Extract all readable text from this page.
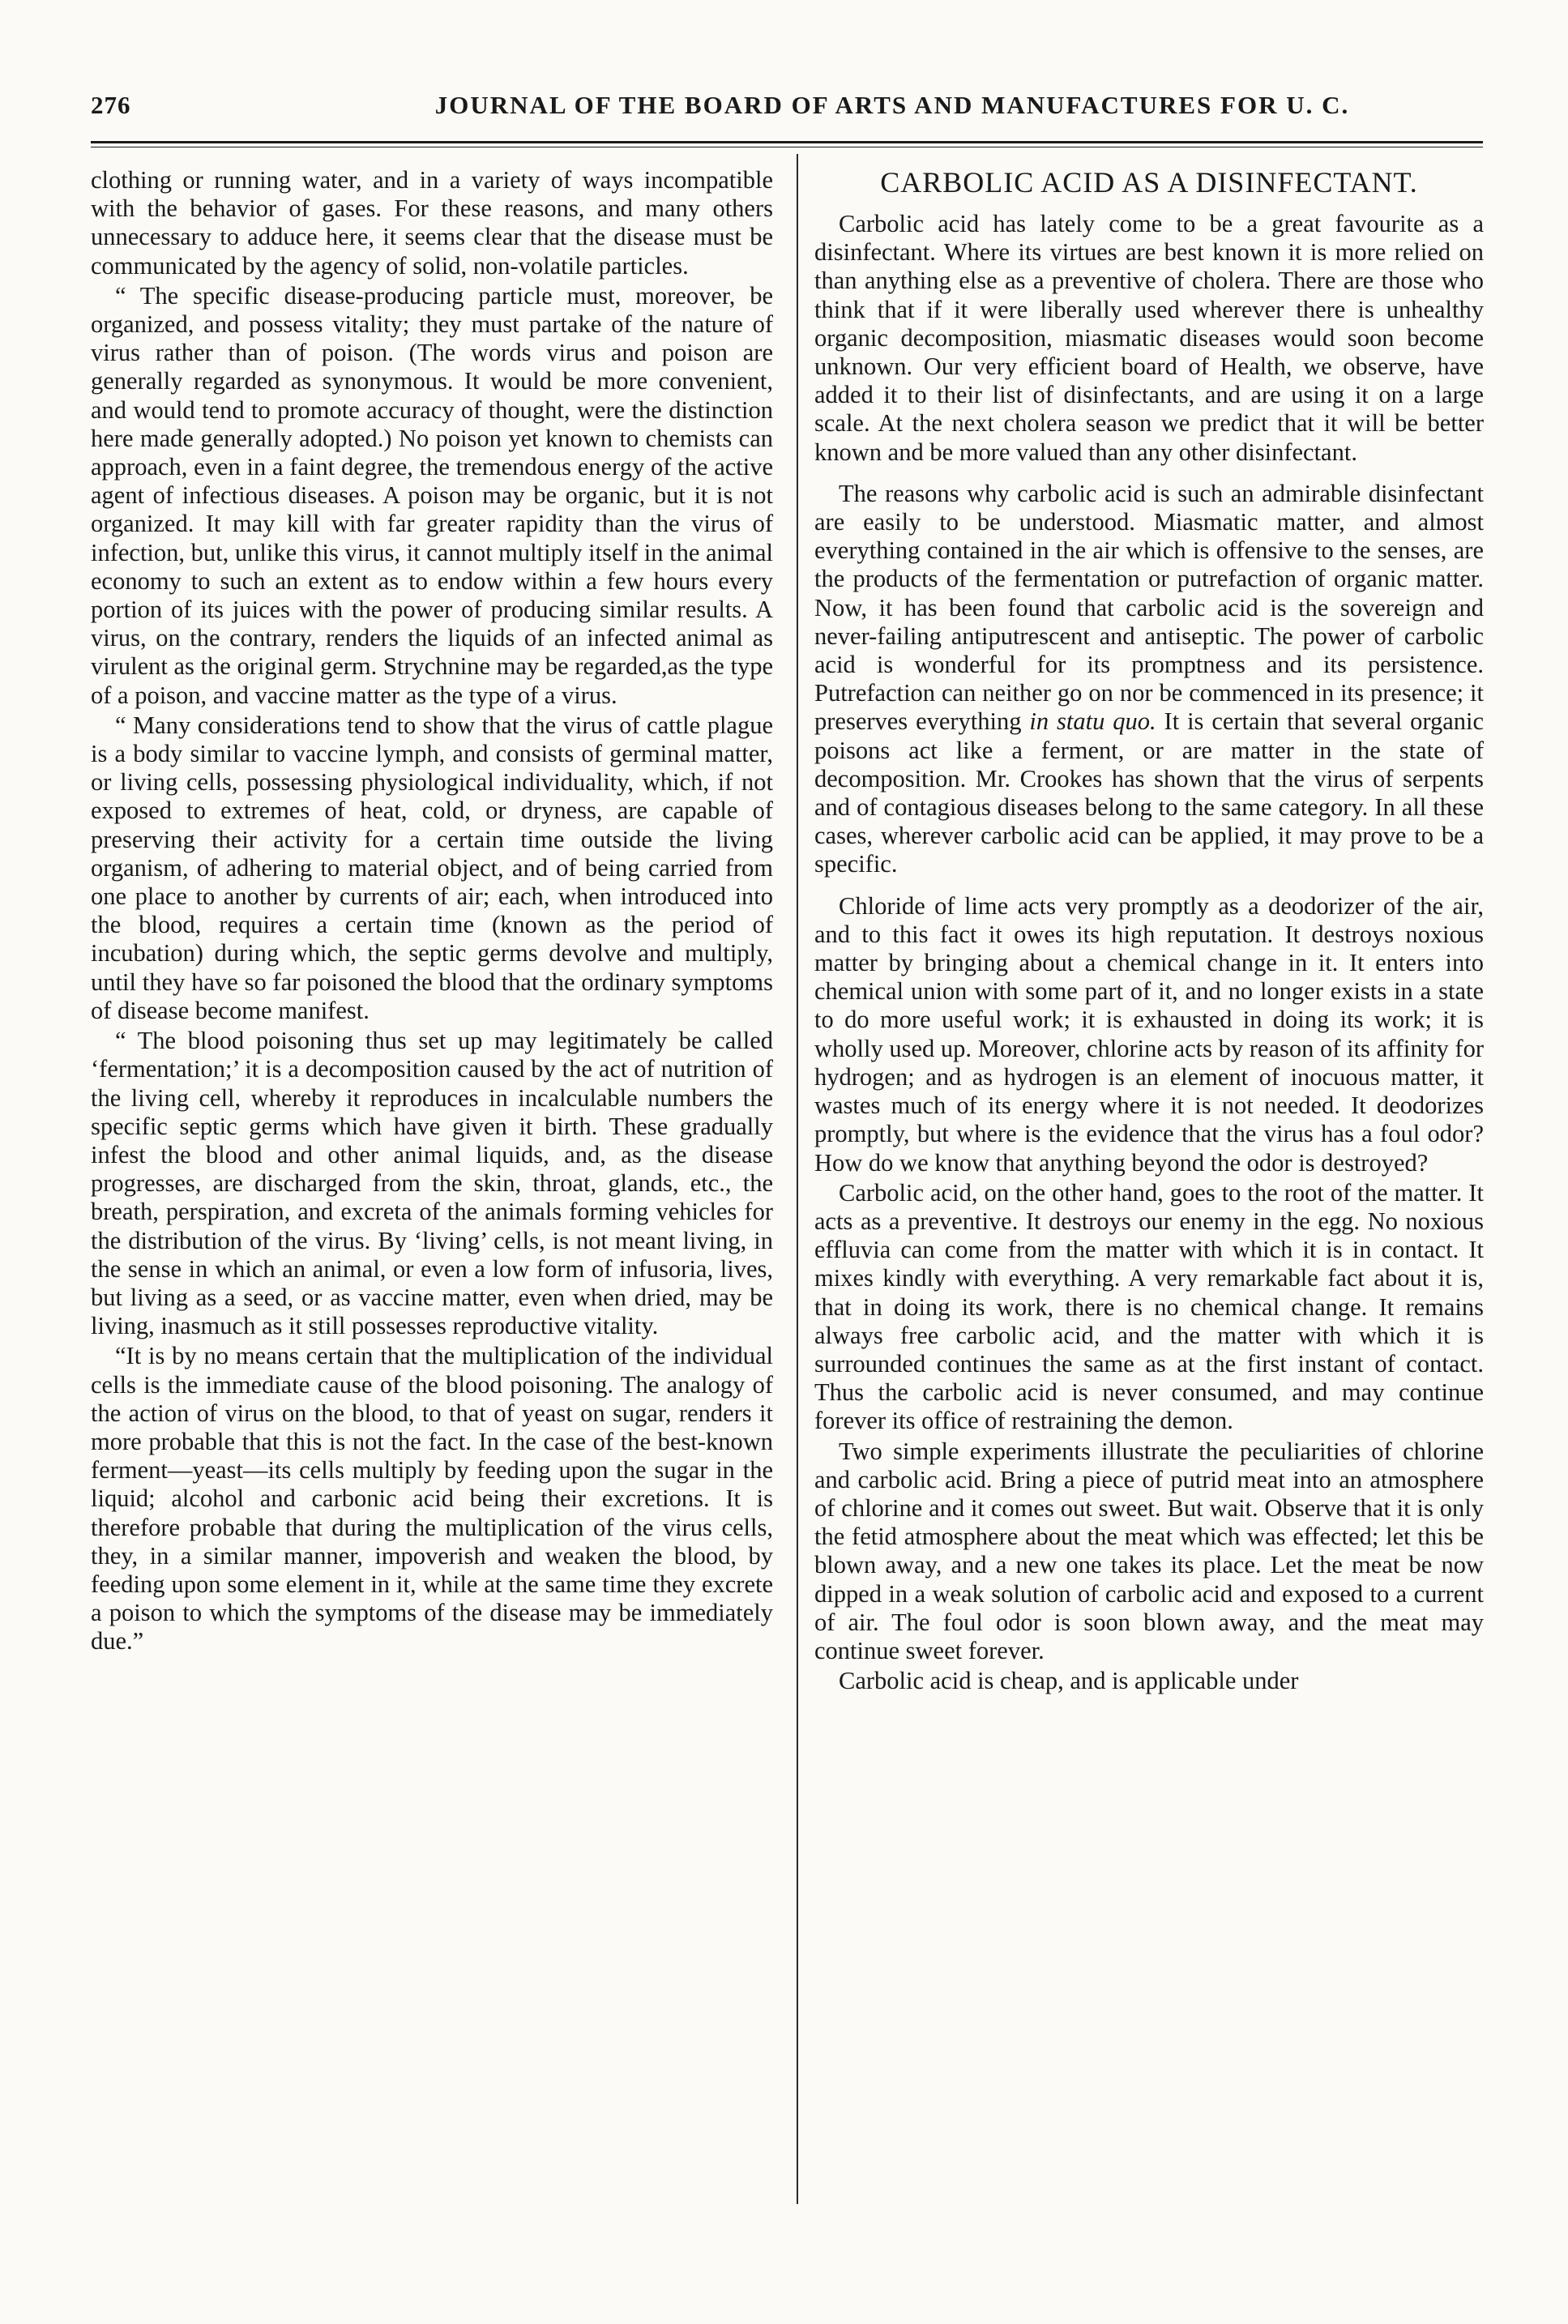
276	JOURNAL OF THE BOARD OF ARTS AND MANUFACTURES FOR U. C.

clothing or running water, and in a variety of ways incompatible with the behavior of gases. For these reasons, and many others unnecessary to adduce here, it seems clear that the disease must be communicated by the agency of solid, non-volatile particles.

“ The specific disease-producing particle must, moreover, be organized, and possess vitality; they must partake of the nature of virus rather than of poison. (The words virus and poison are generally regarded as synonymous. It would be more convenient, and would tend to promote accuracy of thought, were the distinction here made generally adopted.) No poison yet known to chemists can approach, even in a faint degree, the tremendous energy of the active agent of infectious diseases. A poison may be organic, but it is not organized. It may kill with far greater rapidity than the virus of infection, but, unlike this virus, it cannot multiply itself in the animal economy to such an extent as to endow within a few hours every portion of its juices with the power of producing similar results. A virus, on the contrary, renders the liquids of an infected animal as virulent as the original germ. Strychnine may be regarded,as the type of a poison, and vaccine matter as the type of a virus.

“ Many considerations tend to show that the virus of cattle plague is a body similar to vaccine lymph, and consists of germinal matter, or living cells, possessing physiological individuality, which, if not exposed to extremes of heat, cold, or dryness, are capable of preserving their activity for a certain time outside the living organism, of adhering to material object, and of being carried from one place to another by currents of air; each, when introduced into the blood, requires a certain time (known as the period of incubation) during which, the septic germs devolve and multiply, until they have so far poisoned the blood that the ordinary symptoms of disease become manifest.

“ The blood poisoning thus set up may legitimately be called ‘fermentation;’ it is a decomposition caused by the act of nutrition of the living cell, whereby it reproduces in incalculable numbers the specific septic germs which have given it birth. These gradually infest the blood and other animal liquids, and, as the disease progresses, are discharged from the skin, throat, glands, etc., the breath, perspiration, and excreta of the animals forming vehicles for the distribution of the virus. By ‘living’ cells, is not meant living, in the sense in which an animal, or even a low form of infusoria, lives, but living as a seed, or as vaccine matter, even when dried, may be living, inasmuch as it still possesses reproductive vitality.

“It is by no means certain that the multiplication of the individual cells is the immediate cause of the blood poisoning. The analogy of the action of virus on the blood, to that of yeast on sugar, renders it more probable that this is not the fact. In the case of the best-known ferment—yeast—its cells multiply by feeding upon the sugar in the liquid; alcohol and carbonic acid being their excretions. It is therefore probable that during the multiplication of the virus cells, they, in a similar manner, impoverish and weaken the blood, by feeding upon some element in it, while at the same time they excrete a poison to which the symptoms of the disease may be immediately due.”

CARBOLIC ACID AS A DISINFECTANT.

Carbolic acid has lately come to be a great favourite as a disinfectant. Where its virtues are best known it is more relied on than anything else as a preventive of cholera. There are those who think that if it were liberally used wherever there is unhealthy organic decomposition, miasmatic diseases would soon become unknown. Our very efficient board of Health, we observe, have added it to their list of disinfectants, and are using it on a large scale. At the next cholera season we predict that it will be better known and be more valued than any other disinfectant.

The reasons why carbolic acid is such an admirable disinfectant are easily to be understood. Miasmatic matter, and almost everything contained in the air which is offensive to the senses, are the products of the fermentation or putrefaction of organic matter. Now, it has been found that carbolic acid is the sovereign and never-failing antiputrescent and antiseptic. The power of carbolic acid is wonderful for its promptness and its persistence. Putrefaction can neither go on nor be commenced in its presence; it preserves everything in statu quo. It is certain that several organic poisons act like a ferment, or are matter in the state of decomposition. Mr. Crookes has shown that the virus of serpents and of contagious diseases belong to the same category. In all these cases, wherever carbolic acid can be applied, it may prove to be a specific.

Chloride of lime acts very promptly as a deodorizer of the air, and to this fact it owes its high reputation. It destroys noxious matter by bringing about a chemical change in it. It enters into chemical union with some part of it, and no longer exists in a state to do more useful work; it is exhausted in doing its work; it is wholly used up. Moreover, chlorine acts by reason of its affinity for hydrogen; and as hydrogen is an element of inocuous matter, it wastes much of its energy where it is not needed. It deodorizes promptly, but where is the evidence that the virus has a foul odor? How do we know that anything beyond the odor is destroyed?

Carbolic acid, on the other hand, goes to the root of the matter. It acts as a preventive. It destroys our enemy in the egg. No noxious effluvia can come from the matter with which it is in contact. It mixes kindly with everything. A very remarkable fact about it is, that in doing its work, there is no chemical change. It remains always free carbolic acid, and the matter with which it is surrounded continues the same as at the first instant of contact. Thus the carbolic acid is never consumed, and may continue forever its office of restraining the demon.

Two simple experiments illustrate the peculiarities of chlorine and carbolic acid. Bring a piece of putrid meat into an atmosphere of chlorine and it comes out sweet. But wait. Observe that it is only the fetid atmosphere about the meat which was effected; let this be blown away, and a new one takes its place. Let the meat be now dipped in a weak solution of carbolic acid and exposed to a current of air. The foul odor is soon blown away, and the meat may continue sweet forever.

Carbolic acid is cheap, and is applicable under
